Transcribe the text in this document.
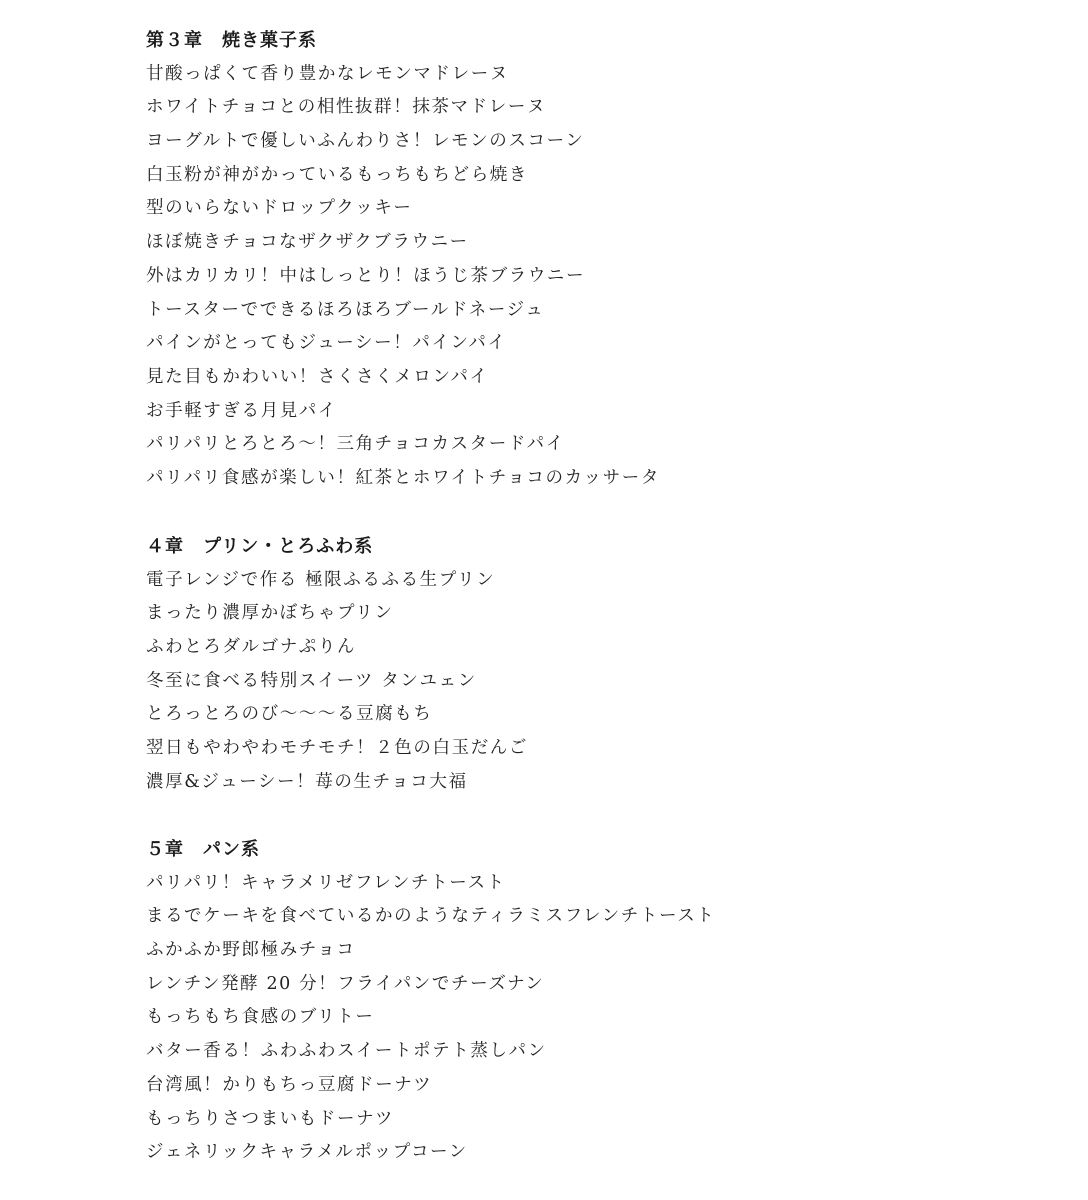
第３章　焼き菓子系
甘酸っぱくて香り豊かなレモンマドレーヌ
ホワイトチョコとの相性抜群！抹茶マドレーヌ
ヨーグルトで優しいふんわりさ！レモンのスコーン
白玉粉が神がかっているもっちもちどら焼き
型のいらないドロップクッキー
ほぼ焼きチョコなザクザクブラウニー
外はカリカリ！中はしっとり！ほうじ茶ブラウニー
トースターでできるほろほろブールドネージュ
パインがとってもジューシー！パインパイ
見た目もかわいい！さくさくメロンパイ
お手軽すぎる月見パイ
パリパリとろとろ〜！三角チョコカスタードパイ
パリパリ食感が楽しい！紅茶とホワイトチョコのカッサータ
４章　プリン・とろふわ系
電子レンジで作る 極限ふるふる生プリン
まったり濃厚かぼちゃプリン
ふわとろダルゴナぷりん
冬至に食べる特別スイーツ タンユェン
とろっとろのび〜〜〜る豆腐もち
翌日もやわやわモチモチ！２色の白玉だんご
濃厚&ジューシー！苺の生チョコ大福
５章　パン系
パリパリ！キャラメリゼフレンチトースト
まるでケーキを食べているかのようなティラミスフレンチトースト
ふかふか野郎極みチョコ
レンチン発酵 20 分！フライパンでチーズナン
もっちもち食感のブリトー
バター香る！ふわふわスイートポテト蒸しパン
台湾風！かりもちっ豆腐ドーナツ
もっちりさつまいもドーナツ
ジェネリックキャラメルポップコーン
